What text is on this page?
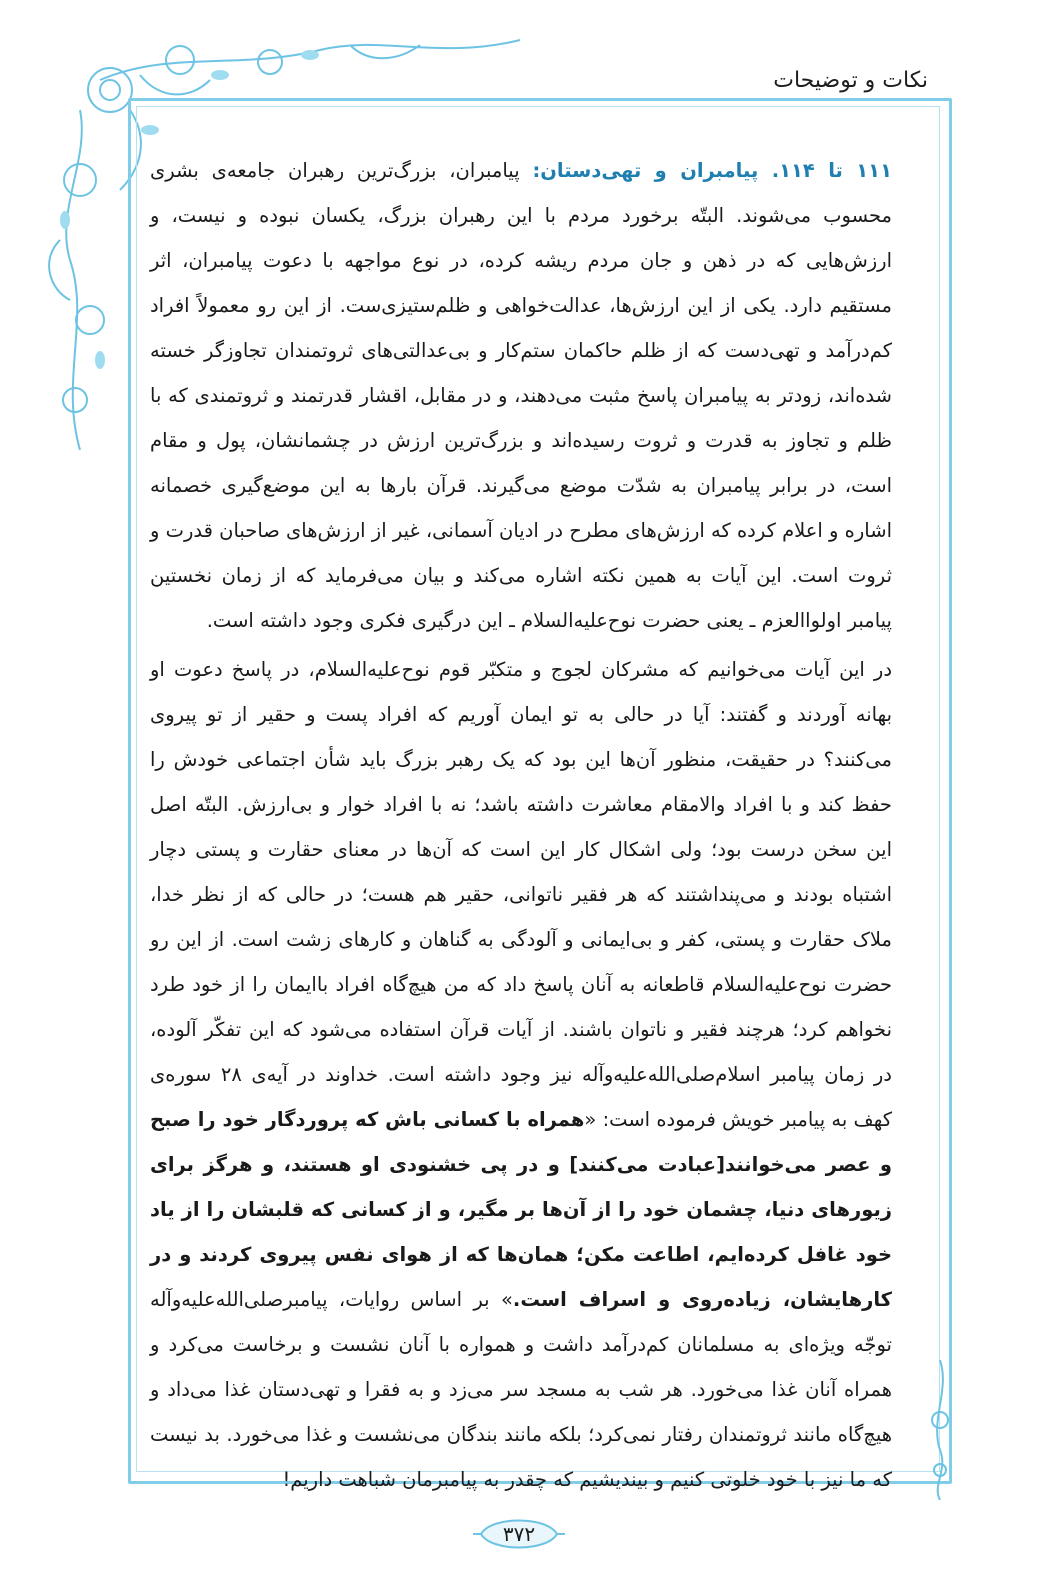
نکات و توضیحات

۱۱۱ تا ۱۱۴. پیامبران و تهی‌دستان: پیامبران، بزرگ‌ترین رهبران جامعه‌ی بشری محسوب می‌شوند. البتّه برخورد مردم با این رهبران بزرگ، یکسان نبوده و نیست، و ارزش‌هایی که در ذهن و جان مردم ریشه کرده، در نوع مواجهه با دعوت پیامبران، اثر مستقیم دارد. یکی از این ارزش‌ها، عدالت‌خواهی و ظلم‌ستیزی‌ست. از این رو معمولاً افراد کم‌درآمد و تهی‌دست که از ظلم حاکمان ستم‌کار و بی‌عدالتی‌های ثروتمندان تجاوزگر خسته شده‌اند، زودتر به پیامبران پاسخ مثبت می‌دهند، و در مقابل، اقشار قدرتمند و ثروتمندی که با ظلم و تجاوز به قدرت و ثروت رسیده‌اند و بزرگ‌ترین ارزش در چشمانشان، پول و مقام است، در برابر پیامبران به شدّت موضع می‌گیرند. قرآن بارها به این موضع‌گیری خصمانه اشاره و اعلام کرده که ارزش‌های مطرح در ادیان آسمانی، غیر از ارزش‌های صاحبان قدرت و ثروت است. این آیات به همین نکته اشاره می‌کند و بیان می‌فرماید که از زمان نخستین پیامبر اولواالعزم ـ یعنی حضرت نوح‌علیه‌السلام ـ این درگیری فکری وجود داشته است.

در این آیات می‌خوانیم که مشرکان لجوج و متکبّر قوم نوح‌علیه‌السلام، در پاسخ دعوت او بهانه آوردند و گفتند: آیا در حالی به تو ایمان آوریم که افراد پست و حقیر از تو پیروی می‌کنند؟ در حقیقت، منظور آن‌ها این بود که یک رهبر بزرگ باید شأن اجتماعی خودش را حفظ کند و با افراد والامقام معاشرت داشته باشد؛ نه با افراد خوار و بی‌ارزش. البتّه اصل این سخن درست بود؛ ولی اشکال کار این است که آن‌ها در معنای حقارت و پستی دچار اشتباه بودند و می‌پنداشتند که هر فقیر ناتوانی، حقیر هم هست؛ در حالی که از نظر خدا، ملاک حقارت و پستی، کفر و بی‌ایمانی و آلودگی به گناهان و کارهای زشت است. از این رو حضرت نوح‌علیه‌السلام قاطعانه به آنان پاسخ داد که من هیچ‌گاه افراد باایمان را از خود طرد نخواهم کرد؛ هرچند فقیر و ناتوان باشند. از آیات قرآن استفاده می‌شود که این تفکّر آلوده، در زمان پیامبر اسلام‌صلی‌الله‌علیه‌وآله نیز وجود داشته است. خداوند در آیه‌ی ۲۸ سوره‌ی کهف به پیامبر خویش فرموده است: «همراه با کسانی باش که پروردگار خود را صبح و عصر می‌خوانند[عبادت می‌کنند] و در پی خشنودی او هستند، و هرگز برای زیورهای دنیا، چشمان خود را از آن‌ها بر مگیر، و از کسانی که قلبشان را از یاد خود غافل کرده‌ایم، اطاعت مکن؛ همان‌ها که از هوای نفس پیروی کردند و در کارهایشان، زیاده‌روی و اسراف است.» بر اساس روایات، پیامبر‌صلی‌الله‌علیه‌وآله توجّه ویژه‌ای به مسلمانان کم‌درآمد داشت و همواره با آنان نشست و برخاست می‌کرد و همراه آنان غذا می‌خورد. هر شب به مسجد سر می‌زد و به فقرا و تهی‌دستان غذا می‌داد و هیچ‌گاه مانند ثروتمندان رفتار نمی‌کرد؛ بلکه مانند بندگان می‌نشست و غذا می‌خورد. بد نیست که ما نیز با خود خلوتی کنیم و بیندیشیم که چقدر به پیامبرمان شباهت داریم!

۳۷۲
